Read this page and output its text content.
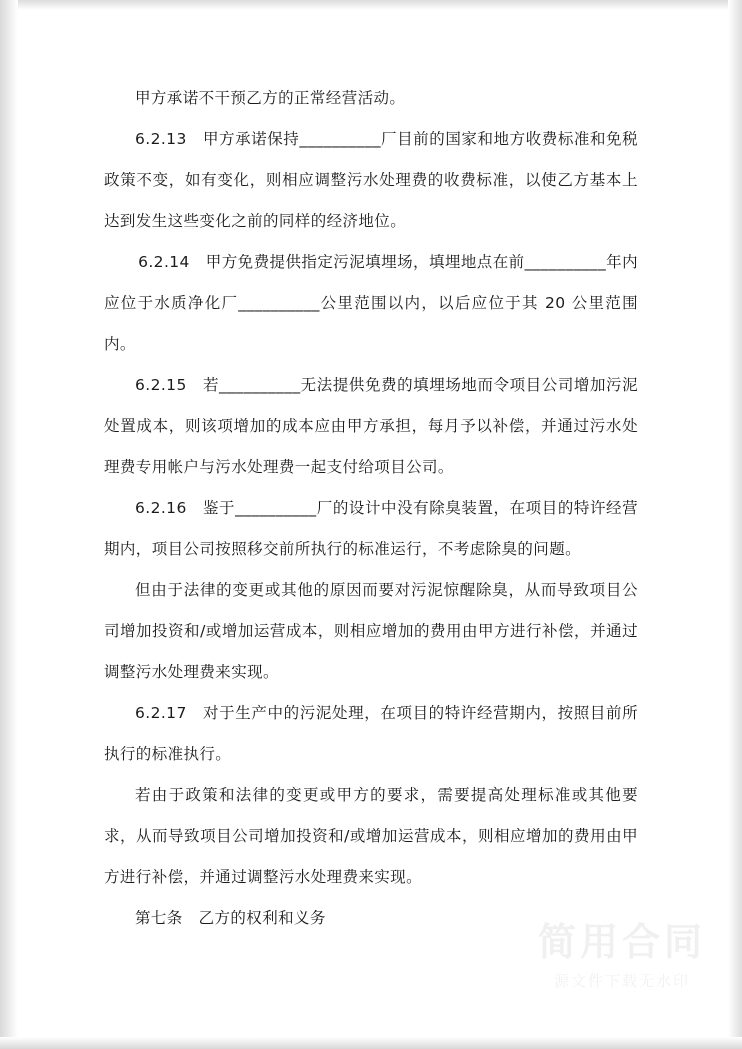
甲方承诺不干预乙方的正常经营活动。

6.2.13　甲方承诺保持__________厂目前的国家和地方收费标准和免税政策不变，如有变化，则相应调整污水处理费的收费标准，以使乙方基本上达到发生这些变化之前的同样的经济地位。

6.2.14　甲方免费提供指定污泥填埋场，填埋地点在前__________年内应位于水质净化厂__________公里范围以内，以后应位于其 20 公里范围内。

6.2.15　若__________无法提供免费的填埋场地而令项目公司增加污泥处置成本，则该项增加的成本应由甲方承担，每月予以补偿，并通过污水处理费专用帐户与污水处理费一起支付给项目公司。

6.2.16　鉴于__________厂的设计中没有除臭装置，在项目的特许经营期内，项目公司按照移交前所执行的标准运行，不考虑除臭的问题。

但由于法律的变更或其他的原因而要对污泥惊醒除臭，从而导致项目公司增加投资和/或增加运营成本，则相应增加的费用由甲方进行补偿，并通过调整污水处理费来实现。

6.2.17　对于生产中的污泥处理，在项目的特许经营期内，按照目前所执行的标准执行。

若由于政策和法律的变更或甲方的要求，需要提高处理标准或其他要求，从而导致项目公司增加投资和/或增加运营成本，则相应增加的费用由甲方进行补偿，并通过调整污水处理费来实现。

第七条　乙方的权利和义务

简用合同
源文件下载无水印
